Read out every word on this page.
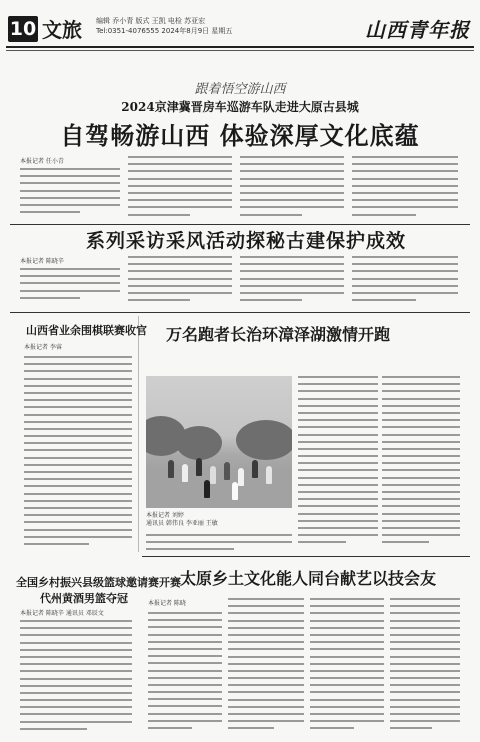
10 文旅 编辑 乔小青 版式 王凯 电检 苏亚宏
Tel:0351-4076555 2024年8月9日 星期五	山西青年报
跟着悟空游山西
2024京津冀晋房车巡游车队走进大原古县城
自驾畅游山西 体验深厚文化底蕴
本报记者 任小青
系列采访采风活动探秘古建保护成效
本报记者 陈晓辛
山西省业余围棋联赛收官
本报记者 李睿
全国乡村振兴县级篮球邀请赛开赛
代州黄酒男篮夺冠
本报记者 陈晓辛 通讯员 邓辰文
万名跑者长治环漳泽湖激情开跑
本报记者 刘婷
通讯员 韩伟良 李亚丽 王敏
太原乡土文化能人同台献艺以技会友
本报记者 陈晓
